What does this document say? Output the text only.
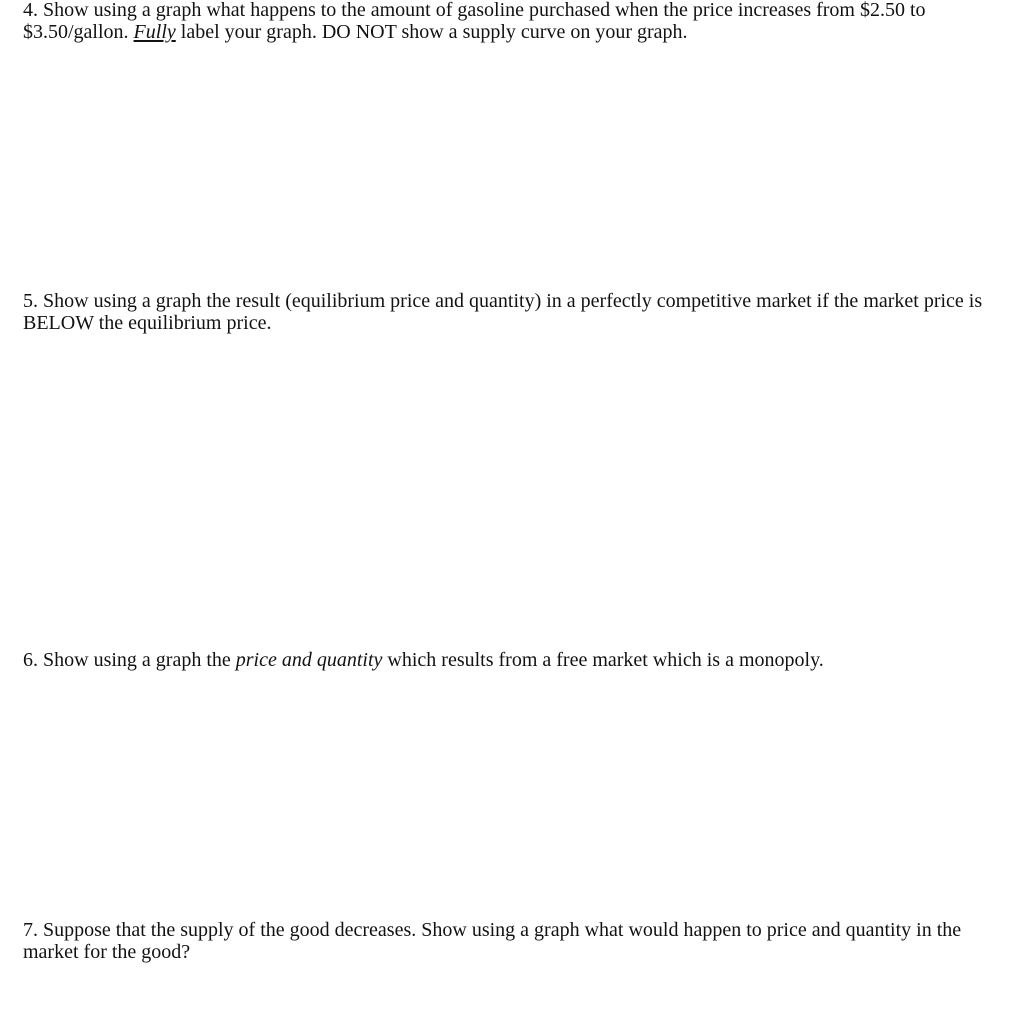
4. Show using a graph what happens to the amount of gasoline purchased when the price increases from $2.50 to
$3.50/gallon. Fully label your graph. DO NOT show a supply curve on your graph.
5. Show using a graph the result (equilibrium price and quantity) in a perfectly competitive market if the market price is
BELOW the equilibrium price.
6. Show using a graph the price and quantity which results from a free market which is a monopoly.
7. Suppose that the supply of the good decreases. Show using a graph what would happen to price and quantity in the
market for the good?
